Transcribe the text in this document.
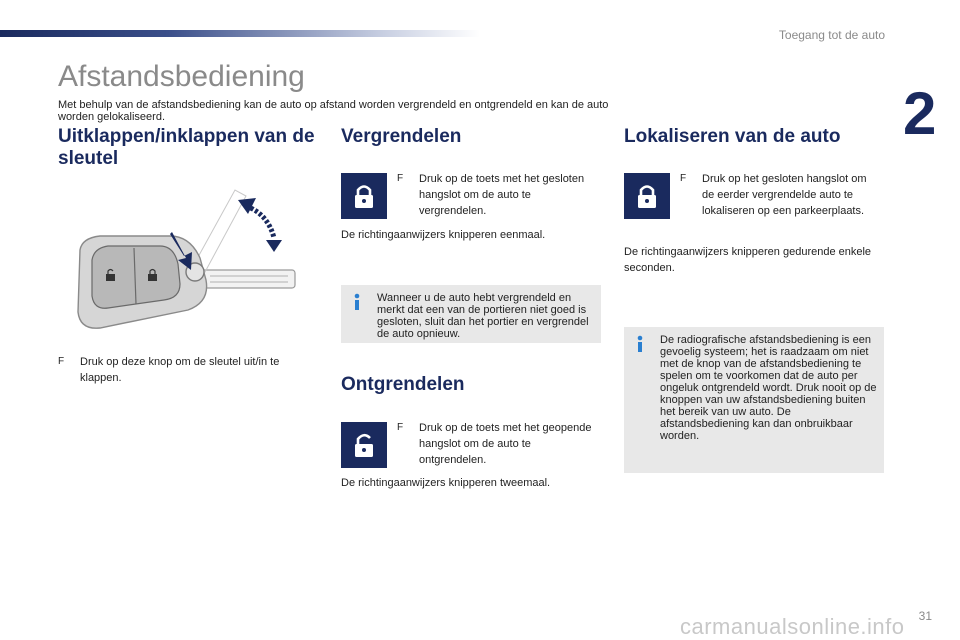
Toegang tot de auto
2
Afstandsbediening
Met behulp van de afstandsbediening kan de auto op afstand worden vergrendeld en ontgrendeld en kan de auto worden gelokaliseerd.
Uitklappen/inklappen van de sleutel
F Druk op deze knop om de sleutel uit/in te klappen.
Vergrendelen
F Druk op de toets met het gesloten hangslot om de auto te vergrendelen.
De richtingaanwijzers knipperen eenmaal.
Wanneer u de auto hebt vergrendeld en merkt dat een van de portieren niet goed is gesloten, sluit dan het portier en vergrendel de auto opnieuw.
Ontgrendelen
F Druk op de toets met het geopende hangslot om de auto te ontgrendelen.
De richtingaanwijzers knipperen tweemaal.
Lokaliseren van de auto
F Druk op het gesloten hangslot om de eerder vergrendelde auto te lokaliseren op een parkeerplaats.
De richtingaanwijzers knipperen gedurende enkele seconden.
De radiografische afstandsbediening is een gevoelig systeem; het is raadzaam om niet met de knop van de afstandsbediening te spelen om te voorkomen dat de auto per ongeluk ontgrendeld wordt. Druk nooit op de knoppen van uw afstandsbediening buiten het bereik van uw auto. De afstandsbediening kan dan onbruikbaar worden.
31
carmanualsonline.info
